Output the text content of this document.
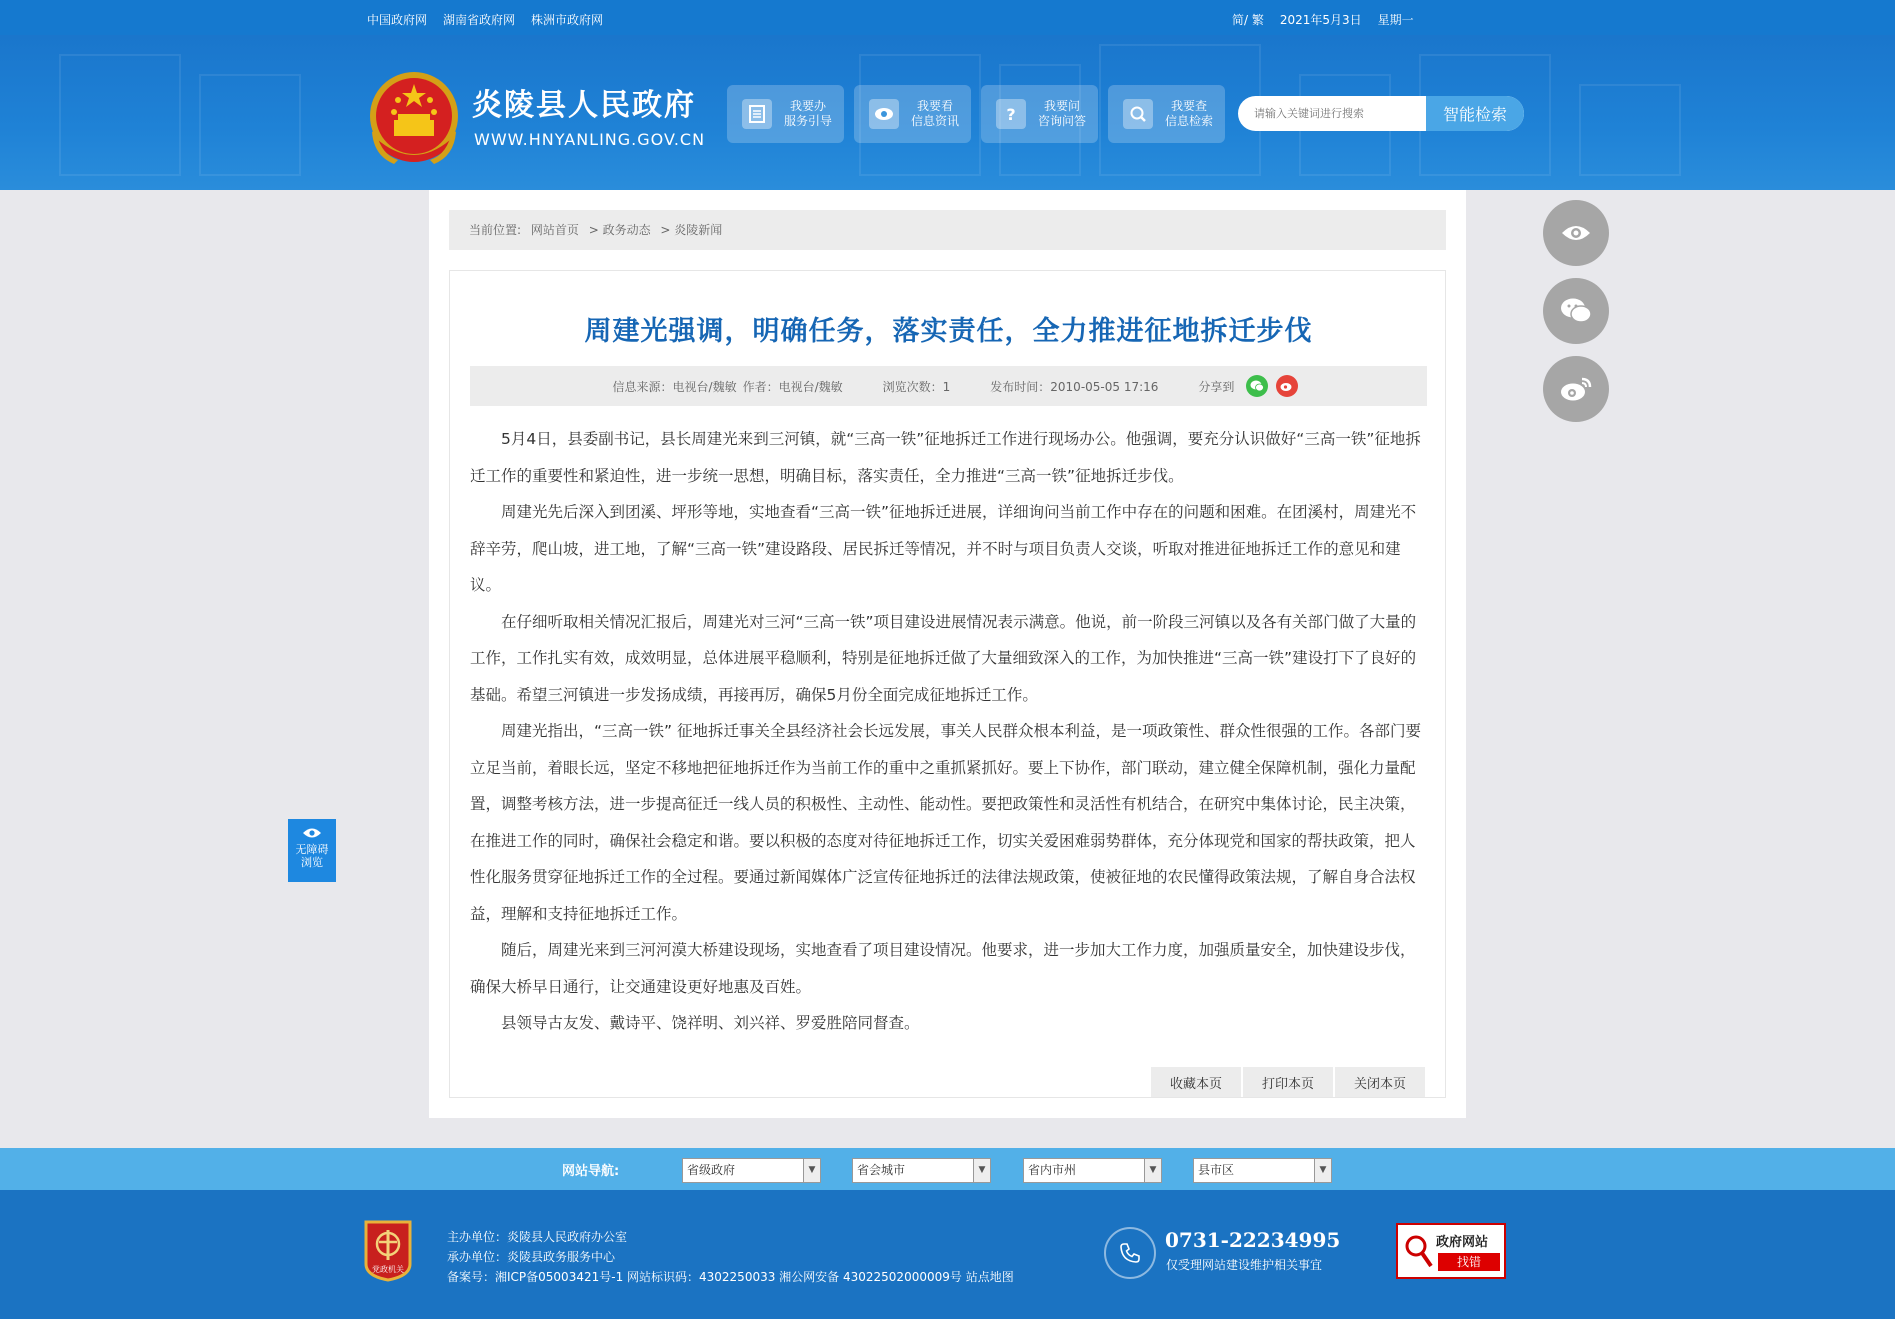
中国政府网 湖南省政府网 株洲市政府网	简/ 繁 2021年5月3日 星期一
炎陵县人民政府
WWW.HNYANLING.GOV.CN
我要办
服务引导
我要看
信息资讯	?	我要问
咨询问答
我要查
信息检索
请输入关键词进行搜索	智能检索
当前位置: 网站首页 > 政务动态 > 炎陵新闻
周建光强调，明确任务，落实责任，全力推进征地拆迁步伐
信息来源：电视台/魏敏 作者：电视台/魏敏	浏览次数：1	发布时间：2010-05-05 17:16	分享到

5月4日，县委副书记，县长周建光来到三河镇，就“三高一铁”征地拆迁工作进行现场办公。他强调，要充分认识做好“三高一铁”征地拆迁工作的重要性和紧迫性，进一步统一思想，明确目标，落实责任，全力推进“三高一铁”征地拆迁步伐。

周建光先后深入到团溪、坪形等地，实地查看“三高一铁”征地拆迁进展，详细询问当前工作中存在的问题和困难。在团溪村，周建光不辞辛劳，爬山坡，进工地，了解“三高一铁”建设路段、居民拆迁等情况，并不时与项目负责人交谈，听取对推进征地拆迁工作的意见和建议。

在仔细听取相关情况汇报后，周建光对三河“三高一铁”项目建设进展情况表示满意。他说，前一阶段三河镇以及各有关部门做了大量的工作，工作扎实有效，成效明显，总体进展平稳顺利，特别是征地拆迁做了大量细致深入的工作，为加快推进“三高一铁”建设打下了良好的基础。希望三河镇进一步发扬成绩，再接再厉，确保5月份全面完成征地拆迁工作。

周建光指出，“三高一铁” 征地拆迁事关全县经济社会长远发展，事关人民群众根本利益，是一项政策性、群众性很强的工作。各部门要立足当前，着眼长远，坚定不移地把征地拆迁作为当前工作的重中之重抓紧抓好。要上下协作，部门联动，建立健全保障机制，强化力量配置，调整考核方法，进一步提高征迁一线人员的积极性、主动性、能动性。要把政策性和灵活性有机结合，在研究中集体讨论，民主决策，在推进工作的同时，确保社会稳定和谐。要以积极的态度对待征地拆迁工作，切实关爱困难弱势群体，充分体现党和国家的帮扶政策，把人性化服务贯穿征地拆迁工作的全过程。要通过新闻媒体广泛宣传征地拆迁的法律法规政策，使被征地的农民懂得政策法规，了解自身合法权益，理解和支持征地拆迁工作。

随后，周建光来到三河河漠大桥建设现场，实地查看了项目建设情况。他要求，进一步加大工作力度，加强质量安全，加快建设步伐，确保大桥早日通行，让交通建设更好地惠及百姓。

县领导古友发、戴诗平、饶祥明、刘兴祥、罗爱胜陪同督查。

收藏本页	打印本页	关闭本页
无障碍
浏览
网站导航:	省级政府	▼	省会城市	▼	省内市州	▼	县市区	▼
党政机关
主办单位：炎陵县人民政府办公室
承办单位：炎陵县政务服务中心
备案号：湘ICP备05003421号-1 网站标识码：4302250033 湘公网安备 43022502000009号 站点地图
0731-22234995
仅受理网站建设维护相关事宜
政府网站
找错
